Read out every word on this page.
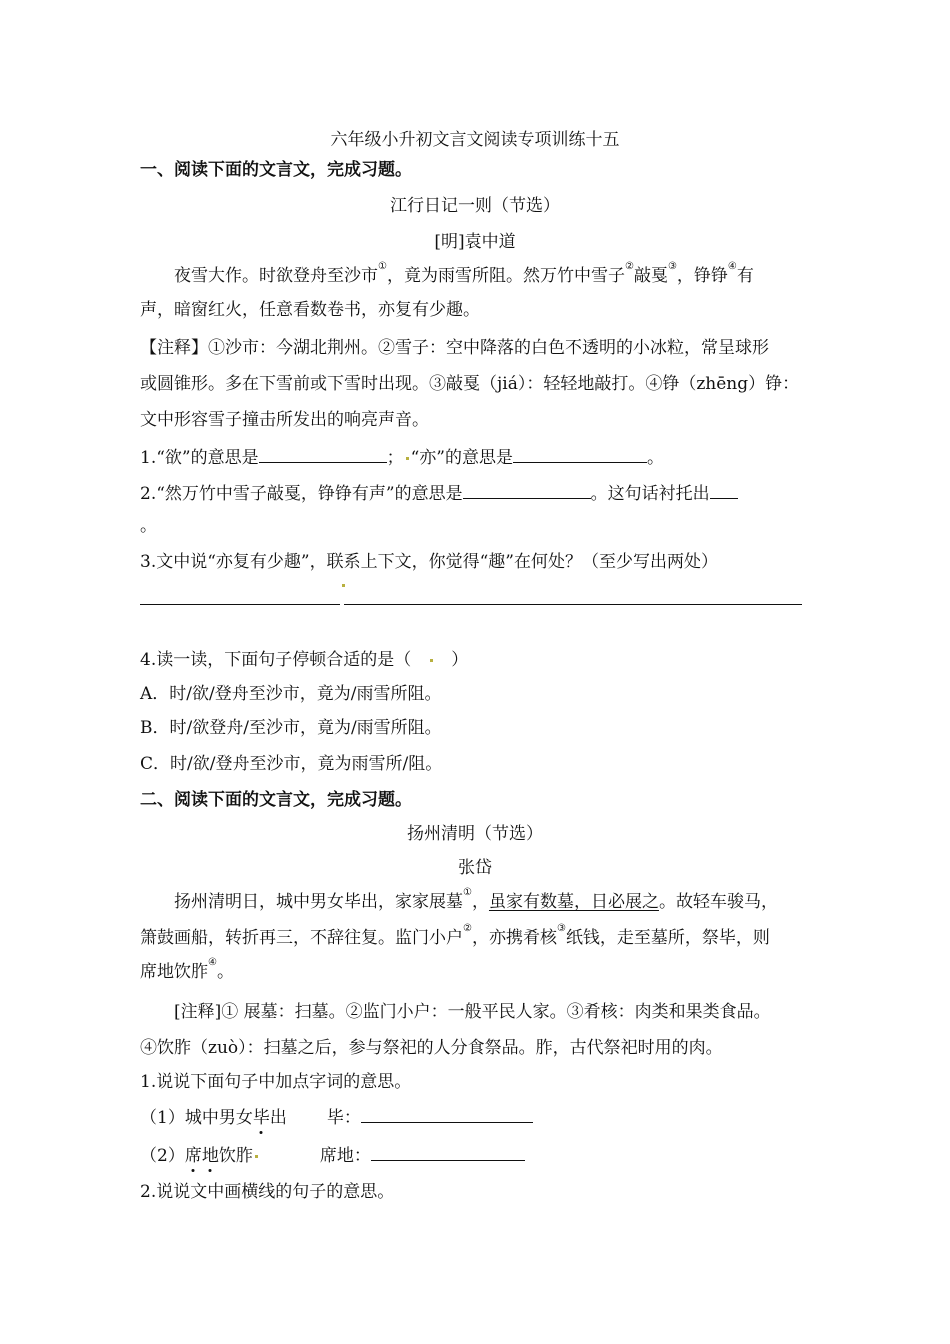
六年级小升初文言文阅读专项训练十五
一、阅读下面的文言文，完成习题。
江行日记一则（节选）
[明]袁中道
夜雪大作。时欲登舟至沙市①，竟为雨雪所阻。然万竹中雪子②敲戛③，铮铮④有
声，暗窗红火，任意看数卷书，亦复有少趣。
【注释】①沙市：今湖北荆州。②雪子：空中降落的白色不透明的小冰粒，常呈球形
或圆锥形。多在下雪前或下雪时出现。③敲戛（jiá）：轻轻地敲打。④铮（zhēng）铮：
文中形容雪子撞击所发出的响亮声音。
1.“欲”的意思是	； “亦”的意思是	。
2.“然万竹中雪子敲戛，铮铮有声”的意思是	。这句话衬托出
。
3.文中说“亦复有少趣”，联系上下文，你觉得“趣”在何处？（至少写出两处）
4.读一读，下面句子停顿合适的是（ ）
A．时/欲/登舟至沙市，竟为/雨雪所阻。
B．时/欲登舟/至沙市，竟为/雨雪所阻。
C．时/欲/登舟至沙市，竟为雨雪所/阻。
二、阅读下面的文言文，完成习题。
扬州清明（节选）
张岱
扬州清明日，城中男女毕出，家家展墓①，虽家有数墓，日必展之。故轻车骏马，
箫鼓画船，转折再三，不辞往复。监门小户②，亦携肴核③纸钱，走至墓所，祭毕，则
席地饮胙④。
[注释]① 展墓：扫墓。②监门小户：一般平民人家。③肴核：肉类和果类食品。
④饮胙（zuò）：扫墓之后，参与祭祀的人分食祭品。胙，古代祭祀时用的肉。
1.说说下面句子中加点字词的意思。
（1）城中男女毕出 毕：
（2）席地饮胙	席地：
2.说说文中画横线的句子的意思。
